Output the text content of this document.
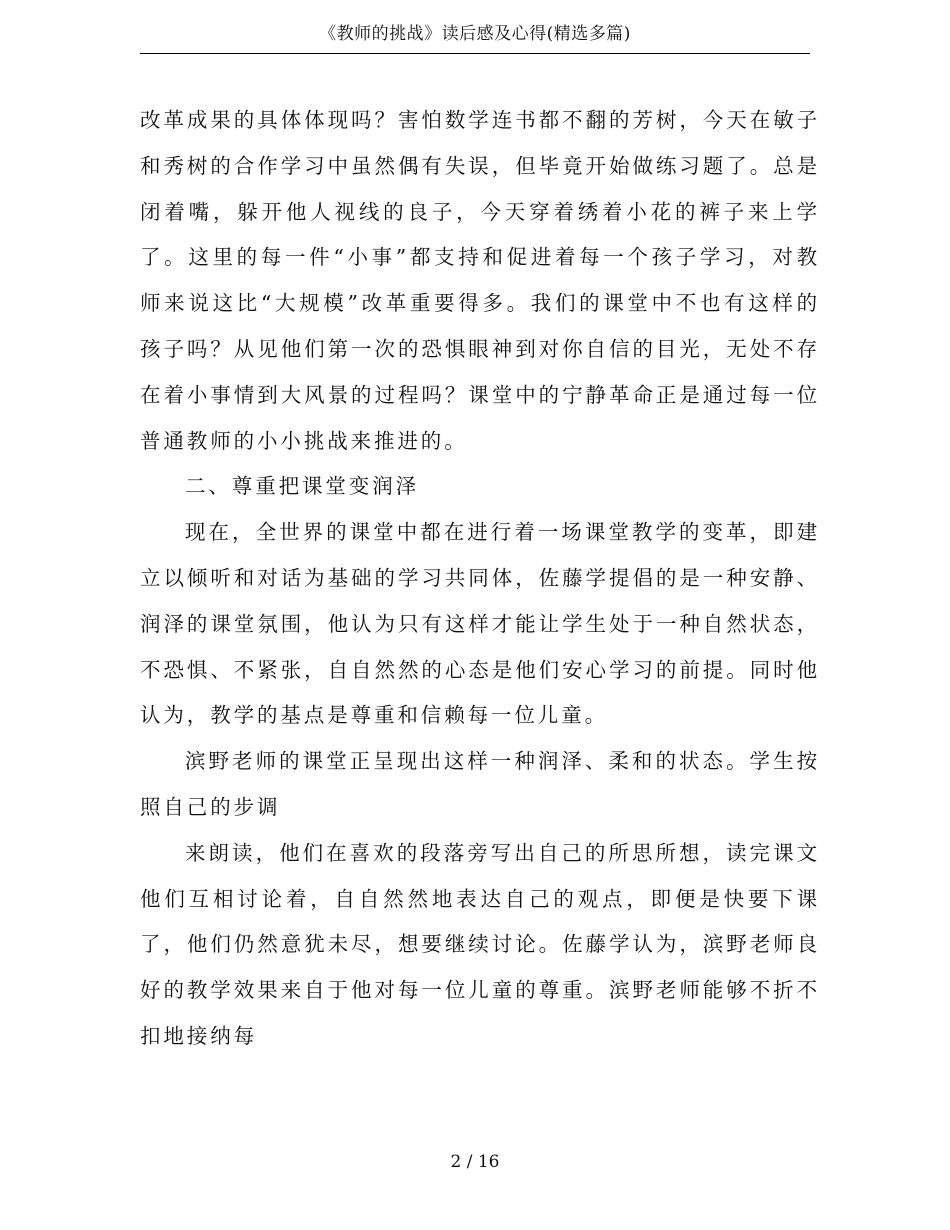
《教师的挑战》读后感及心得(精选多篇)

改革成果的具体体现吗？害怕数学连书都不翻的芳树，今天在敏子和秀树的合作学习中虽然偶有失误，但毕竟开始做练习题了。总是闭着嘴，躲开他人视线的良子，今天穿着绣着小花的裤子来上学了。这里的每一件“小事”都支持和促进着每一个孩子学习，对教师来说这比“大规模”改革重要得多。我们的课堂中不也有这样的孩子吗？从见他们第一次的恐惧眼神到对你自信的目光，无处不存在着小事情到大风景的过程吗？课堂中的宁静革命正是通过每一位普通教师的小小挑战来推进的。

二、尊重把课堂变润泽

现在，全世界的课堂中都在进行着一场课堂教学的变革，即建立以倾听和对话为基础的学习共同体，佐藤学提倡的是一种安静、润泽的课堂氛围，他认为只有这样才能让学生处于一种自然状态，不恐惧、不紧张，自自然然的心态是他们安心学习的前提。同时他认为，教学的基点是尊重和信赖每一位儿童。

滨野老师的课堂正呈现出这样一种润泽、柔和的状态。学生按照自己的步调

来朗读，他们在喜欢的段落旁写出自己的所思所想，读完课文他们互相讨论着，自自然然地表达自己的观点，即便是快要下课了，他们仍然意犹未尽，想要继续讨论。佐藤学认为，滨野老师良好的教学效果来自于他对每一位儿童的尊重。滨野老师能够不折不扣地接纳每

2 / 16
